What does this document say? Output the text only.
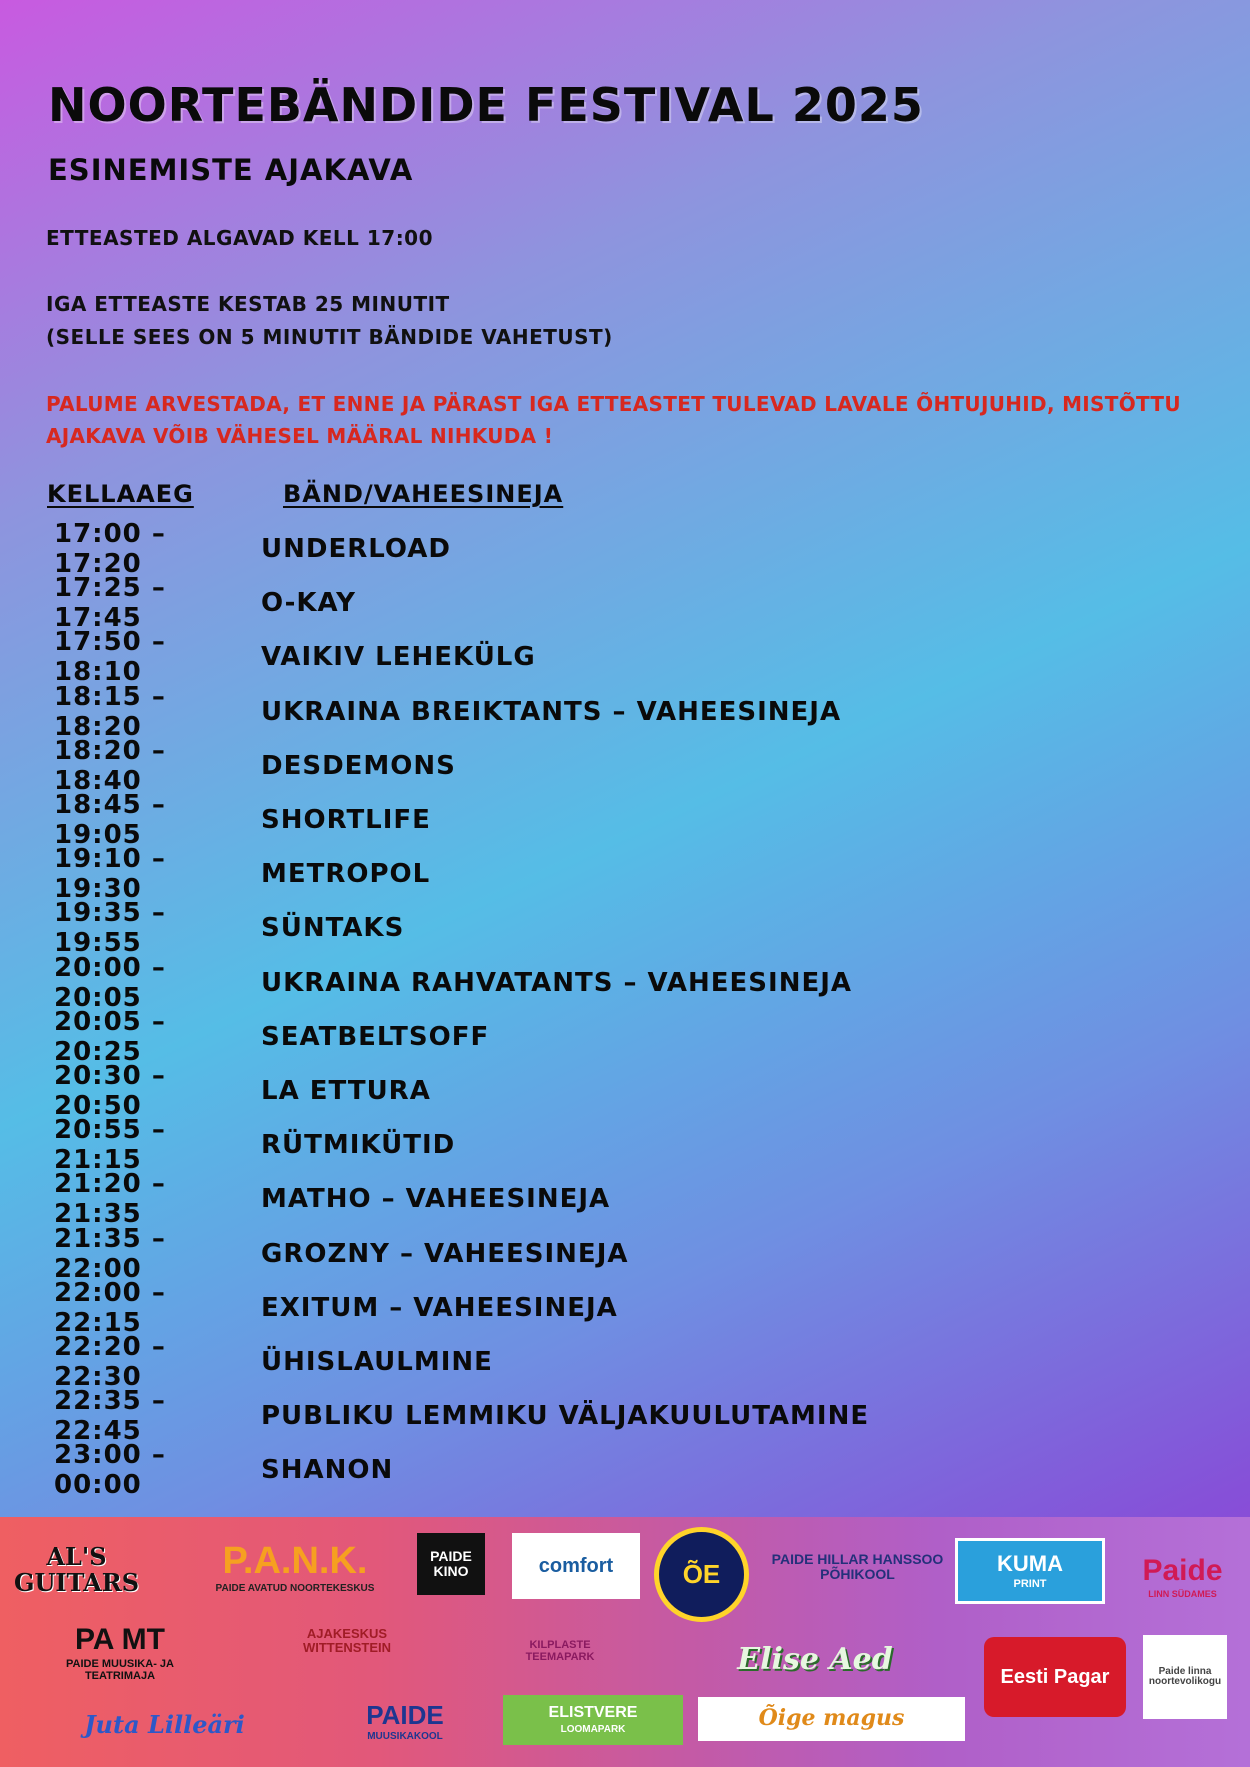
NOORTEBÄNDIDE FESTIVAL 2025
ESINEMISTE AJAKAVA
ETTEASTED ALGAVAD KELL 17:00
IGA ETTEASTE KESTAB 25 MINUTIT
(SELLE SEES ON 5 MINUTIT BÄNDIDE VAHETUST)
PALUME ARVESTADA, ET ENNE JA PÄRAST IGA ETTEASTET TULEVAD LAVALE ÕHTUJUHID, MISTÕTTU AJAKAVA VÕIB VÄHESEL MÄÄRAL NIHKUDA !
KELLAAEG	BÄND/VAHEESINEJA
17:00 – 17:20	UNDERLOAD
17:25 – 17:45	O-KAY
17:50 – 18:10	VAIKIV LEHEKÜLG
18:15 – 18:20	UKRAINA BREIKTANTS – VAHEESINEJA
18:20 – 18:40	DESDEMONS
18:45 – 19:05	SHORTLIFE
19:10 – 19:30	METROPOL
19:35 – 19:55	SÜNTAKS
20:00 – 20:05	UKRAINA RAHVATANTS – VAHEESINEJA
20:05 – 20:25	SEATBELTSOFF
20:30 – 20:50	LA ETTURA
20:55 – 21:15	RÜTMIKÜTID
21:20 – 21:35	MATHO – VAHEESINEJA
21:35 – 22:00	GROZNY – VAHEESINEJA
22:00 – 22:15	EXITUM – VAHEESINEJA
22:20 – 22:30	ÜHISLAULMINE
22:35 – 22:45	PUBLIKU LEMMIKU VÄLJAKUULUTAMINE
23:00 – 00:00	SHANON
AL'S GUITARS
P.A.N.K.
PAIDE AVATUD NOORTEKESKUS
PAIDE KINO	comfort	ÕE	PAIDE HILLAR HANSSOO PÕHIKOOL	KUMA
PRINT	Paide
LINN SÜDAMES
PA MT
PAIDE MUUSIKA- JA TEATRIMAJA
AJAKESKUS WITTENSTEIN	KILPLASTE TEEMAPARK	Elise Aed	Eesti Pagar	Paide linna noortevolikogu
Juta Lilleäri	PAIDE
MUUSIKAKOOL
ELISTVERE
LOOMAPARK	Õige magus
